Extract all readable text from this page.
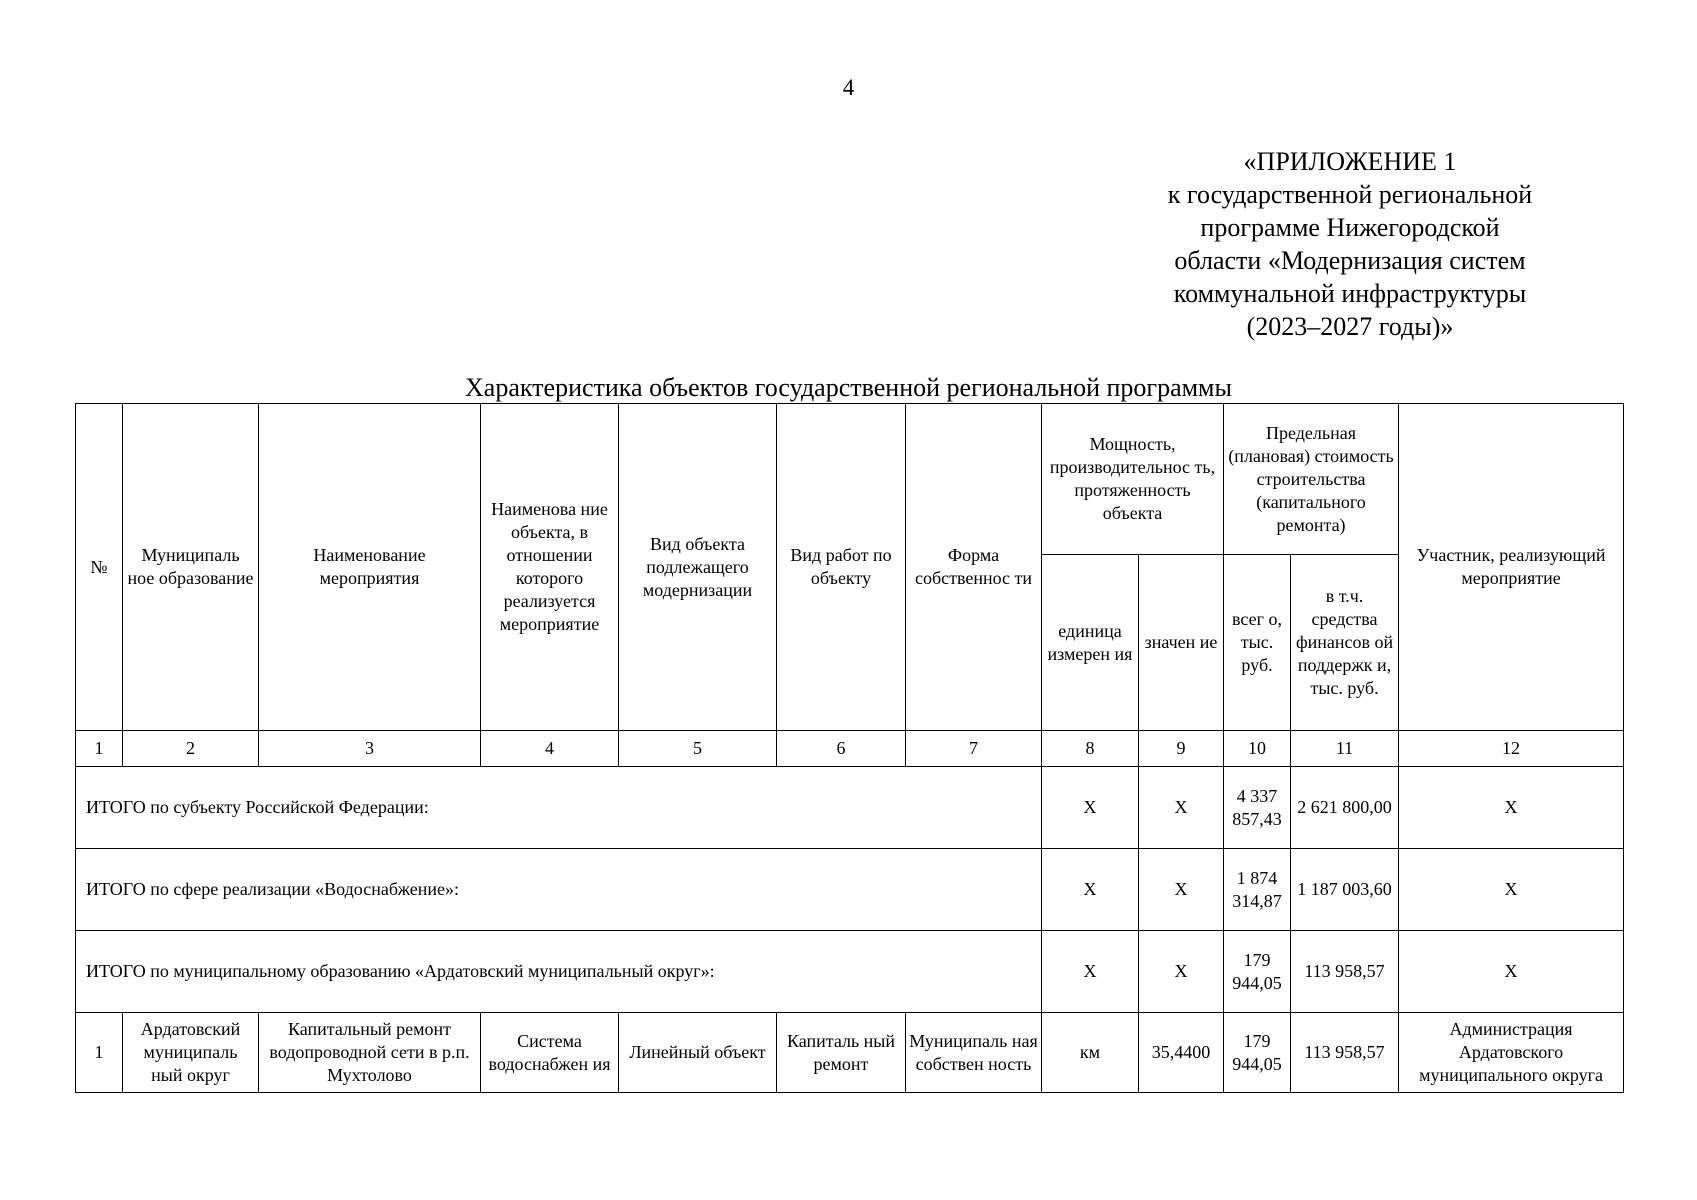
4
«ПРИЛОЖЕНИЕ 1
к государственной региональной
программе Нижегородской
области «Модернизация систем
коммунальной инфраструктуры
(2023–2027 годы)»
Характеристика объектов государственной региональной программы
№	Муниципаль ное образование	Наименование мероприятия	Наименова ние объекта, в отношении которого реализуется мероприятие	Вид объекта подлежащего модернизации	Вид работ по объекту	Форма собственнос ти	Мощность, производительнос ть, протяженность объекта		Предельная (плановая) стоимость строительства (капитального ремонта)		Участник, реализующий мероприятие
							единица измерен ия	значен ие	всег о, тыс. руб.	в т.ч. средства финансов ой поддержк и, тыс. руб.	
1	2	3	4	5	6	7	8	9	10	11	12
ИТОГО по субъекту Российской Федерации:							X	X	4 337 857,43	2 621 800,00	X
ИТОГО по сфере реализации «Водоснабжение»:							X	X	1 874 314,87	1 187 003,60	X
ИТОГО по муниципальному образованию «Ардатовский муниципальный округ»:							X	X	179 944,05	113 958,57	X
1	Ардатовский муниципаль ный округ	Капитальный ремонт водопроводной сети в р.п. Мухтолово	Система водоснабжен ия	Линейный объект	Капиталь ный ремонт	Муниципаль ная собствен ность	км	35,4400	179 944,05	113 958,57	Администрация Ардатовского муниципального округа
